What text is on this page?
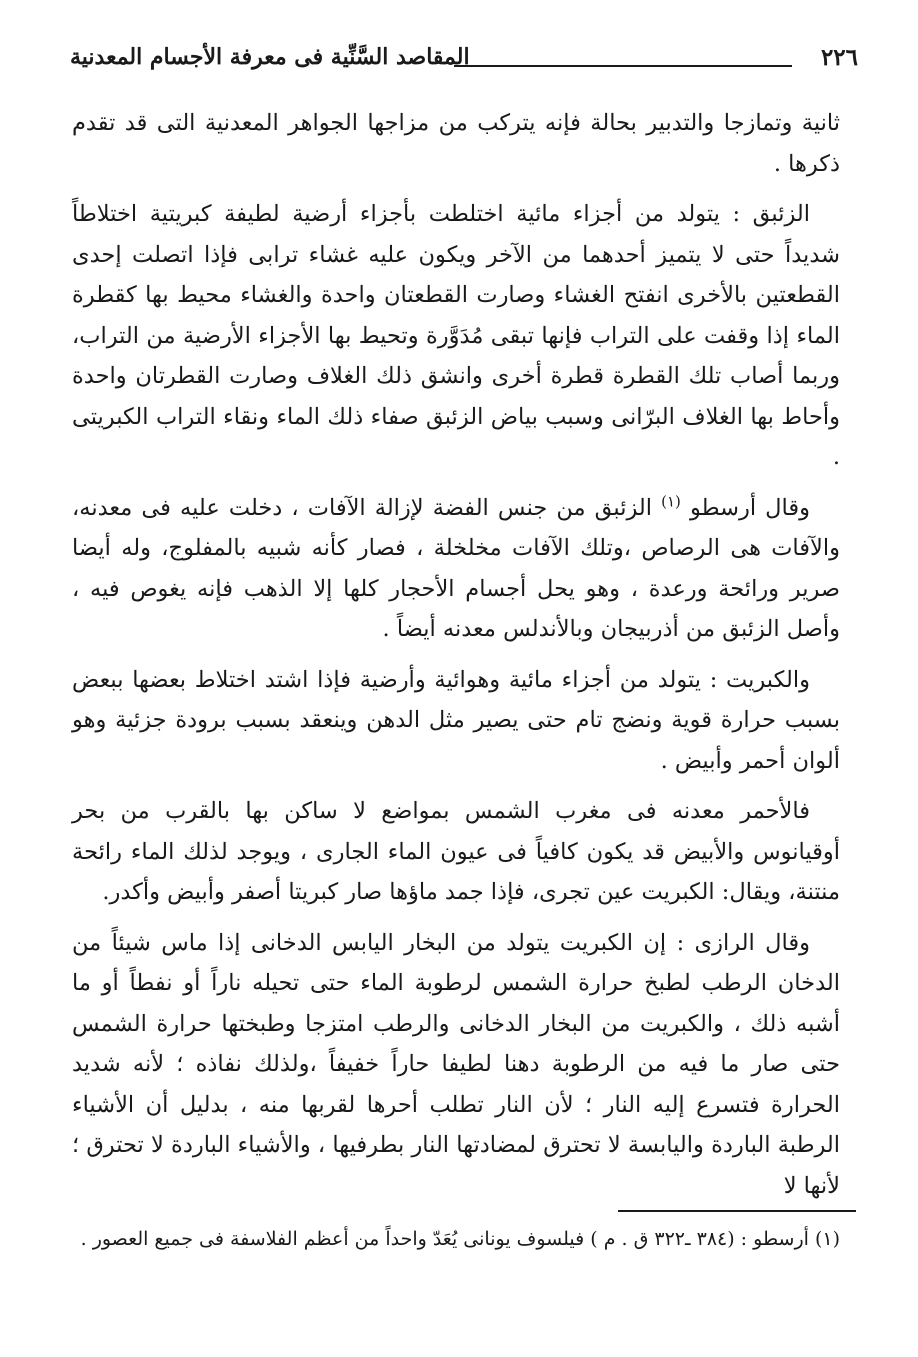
٢٢٦
المقاصد السَّنِّية فى معرفة الأجسام المعدنية

ثانية وتمازجا والتدبير بحالة فإنه يتركب من مزاجها الجواهر المعدنية التى قد تقدم ذكرها .

الزئبق : يتولد من أجزاء مائية اختلطت بأجزاء أرضية لطيفة كبريتية اختلاطاً شديداً حتى لا يتميز أحدهما من الآخر ويكون عليه غشاء ترابى فإذا اتصلت إحدى القطعتين بالأخرى انفتح الغشاء وصارت القطعتان واحدة والغشاء محيط بها كقطرة الماء إذا وقفت على التراب فإنها تبقى مُدَوَّرة وتحيط بها الأجزاء الأرضية من التراب، وربما أصاب تلك القطرة قطرة أخرى وانشق ذلك الغلاف وصارت القطرتان واحدة وأحاط بها الغلاف البرّانى وسبب بياض الزئبق صفاء ذلك الماء ونقاء التراب الكبريتى .

وقال أرسطو $^{(١)}$ الزئبق من جنس الفضة لإزالة الآفات ، دخلت عليه فى معدنه، والآفات هى الرصاص ،وتلك الآفات مخلخلة ، فصار كأنه شبيه بالمفلوج، وله أيضا صرير ورائحة ورعدة ، وهو يحل أجسام الأحجار كلها إلا الذهب فإنه يغوص فيه ، وأصل الزئبق من أذربيجان وبالأندلس معدنه أيضاً .

والكبريت : يتولد من أجزاء مائية وهوائية وأرضية فإذا اشتد اختلاط بعضها ببعض بسبب حرارة قوية ونضج تام حتى يصير مثل الدهن وينعقد بسبب برودة جزئية وهو ألوان أحمر وأبيض .

فالأحمر معدنه فى مغرب الشمس بمواضع لا ساكن بها بالقرب من بحر أوقيانوس والأبيض قد يكون كافياً فى عيون الماء الجارى ، ويوجد لذلك الماء رائحة منتنة، ويقال: الكبريت عين تجرى، فإذا جمد ماؤها صار كبريتا أصفر وأبيض وأكدر.

وقال الرازى : إن الكبريت يتولد من البخار اليابس الدخانى إذا ماس شيئاً من الدخان الرطب لطبخ حرارة الشمس لرطوبة الماء حتى تحيله ناراً أو نفطاً أو ما أشبه ذلك ، والكبريت من البخار الدخانى والرطب امتزجا وطبختها حرارة الشمس حتى صار ما فيه من الرطوبة دهنا لطيفا حاراً خفيفاً ،ولذلك نفاذه ؛ لأنه شديد الحرارة فتسرع إليه النار ؛ لأن النار تطلب أحرها لقربها منه ، بدليل أن الأشياء الرطبة الباردة واليابسة لا تحترق لمضادتها النار بطرفيها ، والأشياء الباردة لا تحترق ؛ لأنها لا

(١) أرسطو : (٣٨٤ ـ٣٢٢ ق . م ) فيلسوف يونانى يُعَدّ واحداً من أعظم الفلاسفة فى جميع العصور .
